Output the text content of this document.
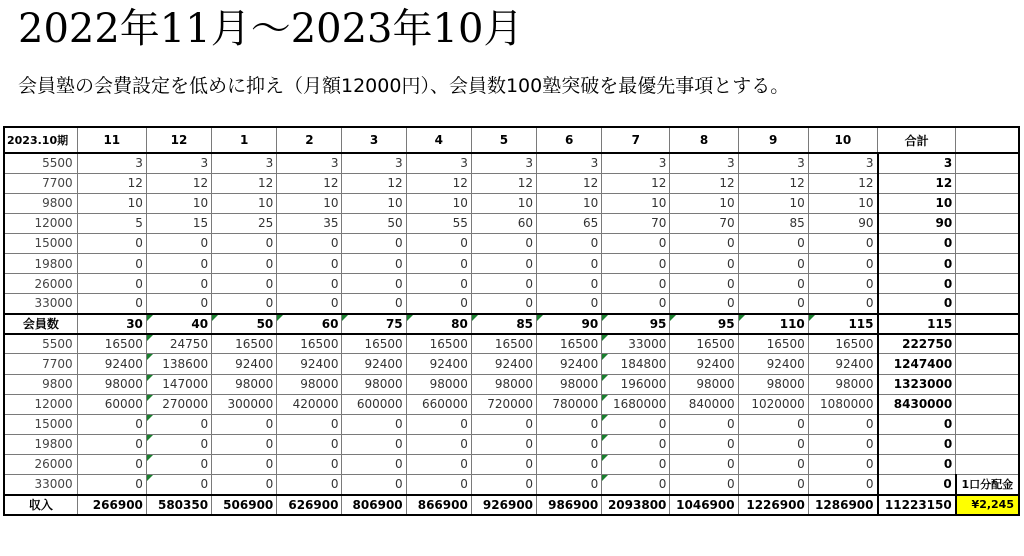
2022年11月～2023年10月
会員塾の会費設定を低めに抑え（月額12000円）、会員数100塾突破を最優先事項とする。
2023.10期	11	12	1	2	3	4	5	6	7	8	9	10	合計	
5500	3	3	3	3	3	3	3	3	3	3	3	3	3	
7700	12	12	12	12	12	12	12	12	12	12	12	12	12	
9800	10	10	10	10	10	10	10	10	10	10	10	10	10	
12000	5	15	25	35	50	55	60	65	70	70	85	90	90	
15000	0	0	0	0	0	0	0	0	0	0	0	0	0	
19800	0	0	0	0	0	0	0	0	0	0	0	0	0	
26000	0	0	0	0	0	0	0	0	0	0	0	0	0	
33000	0	0	0	0	0	0	0	0	0	0	0	0	0	
会員数	30	40	50	60	75	80	85	90	95	95	110	115	115	
5500	16500	24750	16500	16500	16500	16500	16500	16500	33000	16500	16500	16500	222750	
7700	92400	138600	92400	92400	92400	92400	92400	92400	184800	92400	92400	92400	1247400	
9800	98000	147000	98000	98000	98000	98000	98000	98000	196000	98000	98000	98000	1323000	
12000	60000	270000	300000	420000	600000	660000	720000	780000	1680000	840000	1020000	1080000	8430000	
15000	0	0	0	0	0	0	0	0	0	0	0	0	0	
19800	0	0	0	0	0	0	0	0	0	0	0	0	0	
26000	0	0	0	0	0	0	0	0	0	0	0	0	0	
33000	0	0	0	0	0	0	0	0	0	0	0	0	0	1口分配金
収入	266900	580350	506900	626900	806900	866900	926900	986900	2093800	1046900	1226900	1286900	11223150	¥2,245
